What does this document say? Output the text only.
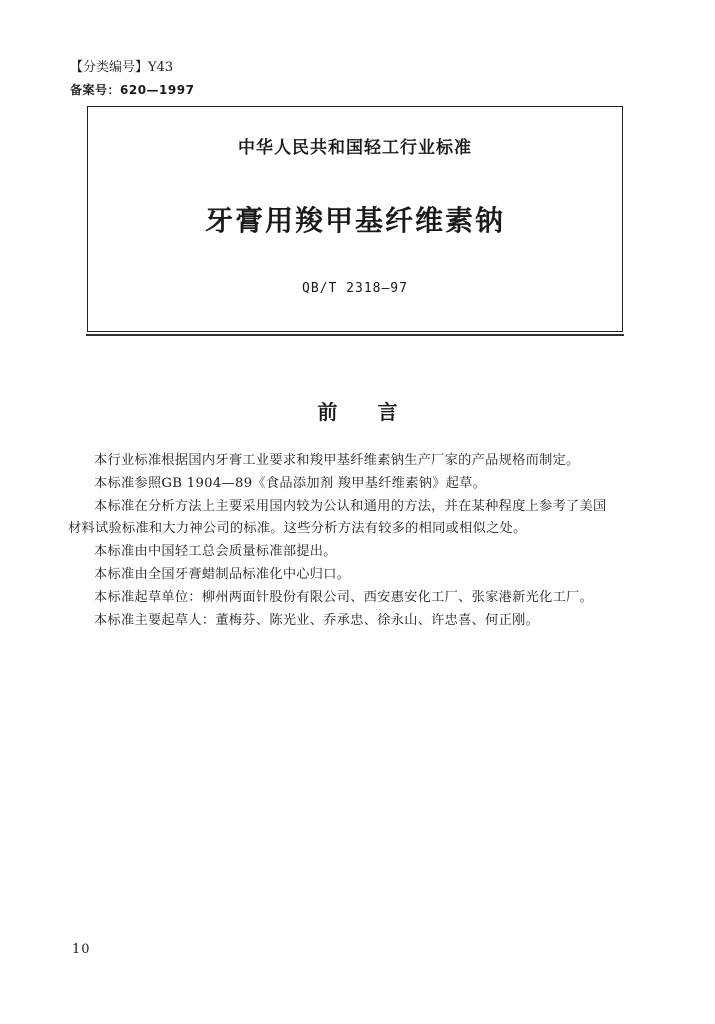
【分类编号】Y43
备案号：620—1997
中华人民共和国轻工行业标准
牙膏用羧甲基纤维素钠
QB/T 2318—97
前言
本行业标准根据国内牙膏工业要求和羧甲基纤维素钠生产厂家的产品规格而制定。
本标准参照GB 1904—89《食品添加剂 羧甲基纤维素钠》起草。
本标准在分析方法上主要采用国内较为公认和通用的方法，并在某种程度上参考了美国
材料试验标准和大力神公司的标准。这些分析方法有较多的相同或相似之处。
本标准由中国轻工总会质量标准部提出。
本标准由全国牙膏蜡制品标准化中心归口。
本标准起草单位：柳州两面针股份有限公司、西安惠安化工厂、张家港新光化工厂。
本标准主要起草人：董梅芬、陈光业、乔承忠、徐永山、许忠喜、何正刚。
10
